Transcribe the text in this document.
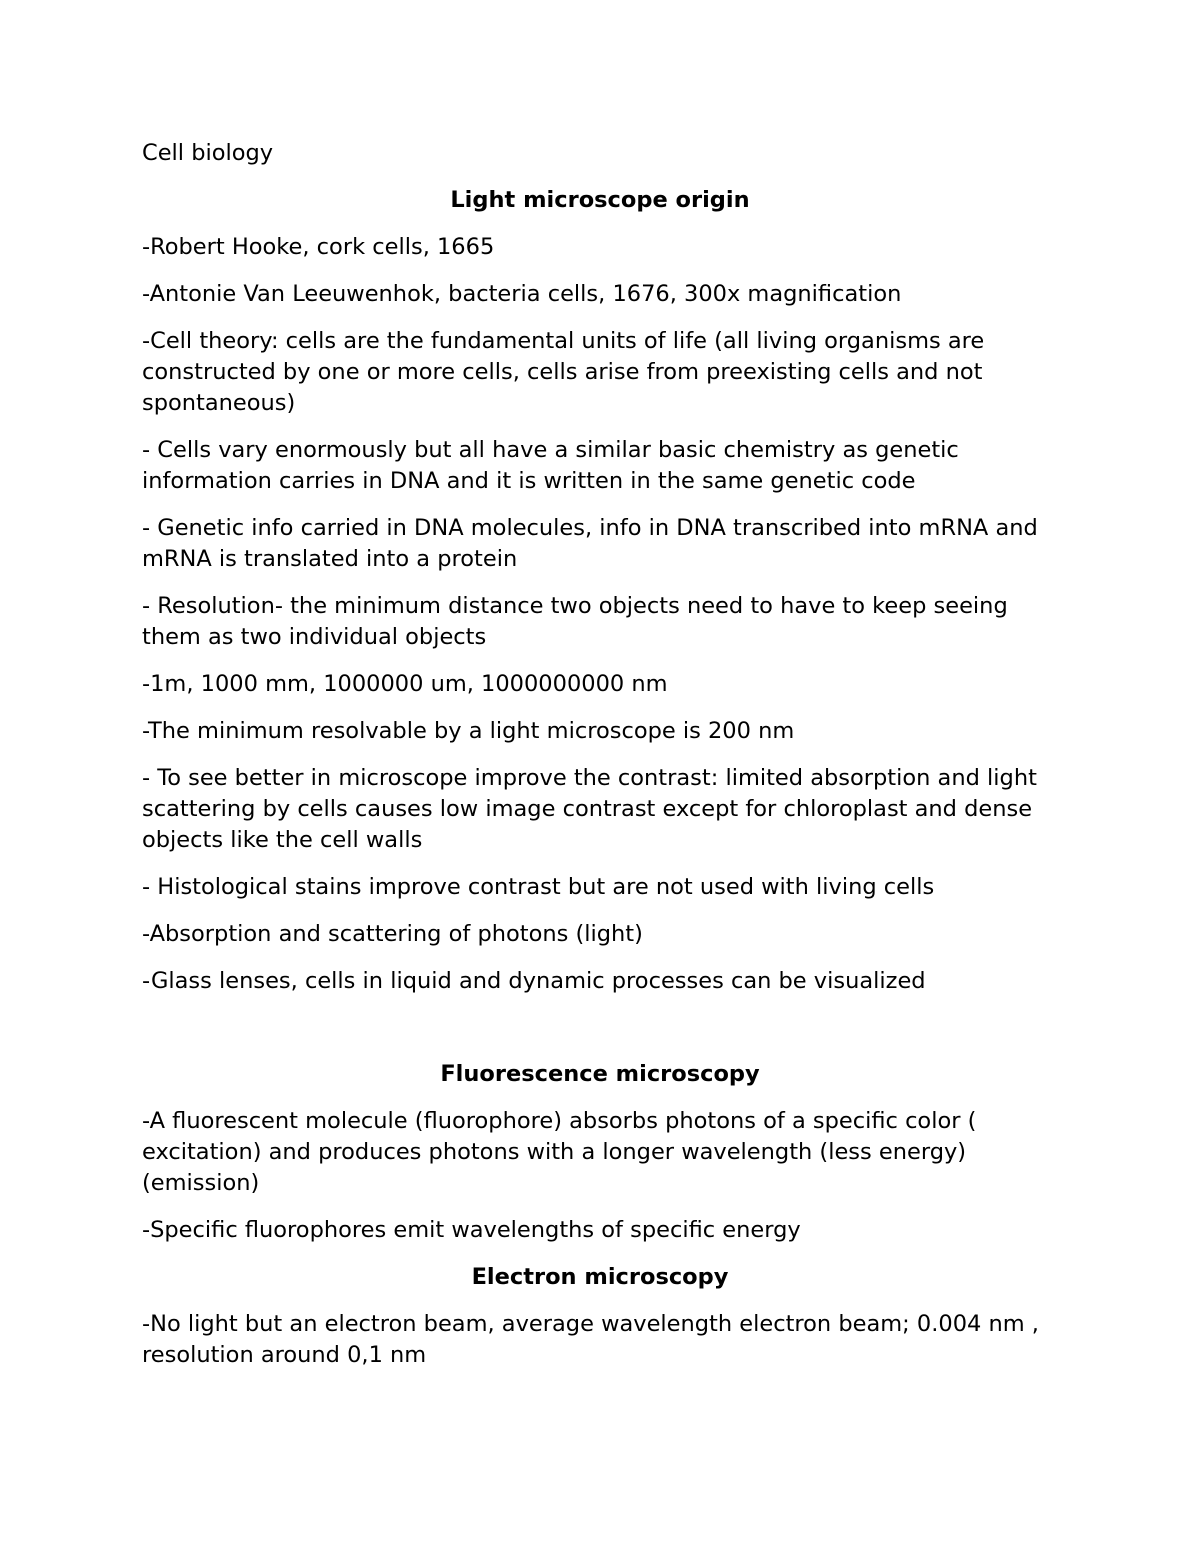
Cell biology
Light microscope origin
-Robert Hooke, cork cells, 1665
-Antonie Van Leeuwenhok, bacteria cells, 1676, 300x magnification
-Cell theory: cells are the fundamental units of life (all living organisms are constructed by one or more cells, cells arise from preexisting cells and not spontaneous)
- Cells vary enormously but all have a similar basic chemistry as genetic information carries in DNA and it is written in the same genetic code
- Genetic info carried in DNA molecules, info in DNA transcribed into mRNA and mRNA is translated into a protein
- Resolution- the minimum distance two objects need to have to keep seeing them as two individual objects
-1m, 1000 mm, 1000000 um, 1000000000 nm
-The minimum resolvable by a light microscope is 200 nm
- To see better in microscope improve the contrast: limited absorption and light scattering by cells causes low image contrast except for chloroplast and dense objects like the cell walls
- Histological stains improve contrast but are not used with living cells
-Absorption and scattering of photons (light)
-Glass lenses, cells in liquid and dynamic processes can be visualized
Fluorescence microscopy
-A fluorescent molecule (fluorophore) absorbs photons of a specific color ( excitation) and produces photons with a longer wavelength (less energy) (emission)
-Specific fluorophores emit wavelengths of specific energy
Electron microscopy
-No light but an electron beam, average wavelength electron beam; 0.004 nm , resolution around 0,1 nm
